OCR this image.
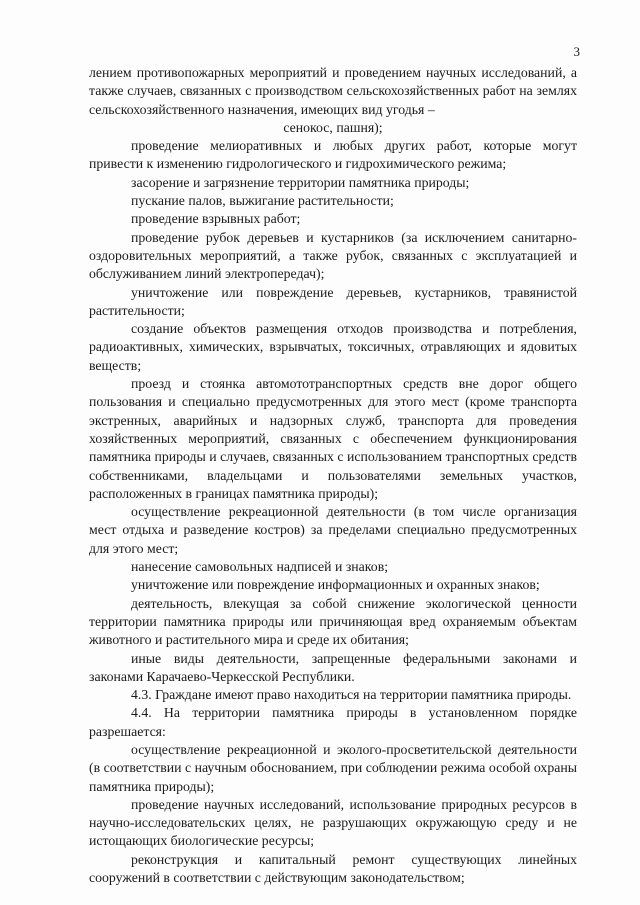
3

лением противопожарных мероприятий и проведением научных исследований, а также случаев, связанных с производством сельскохозяйственных работ на землях сельскохозяйственного назначения, имеющих вид угодья –

сенокос, пашня);

проведение мелиоративных и любых других работ, которые могут привести к изменению гидрологического и гидрохимического режима;

засорение и загрязнение территории памятника природы;

пускание палов, выжигание растительности;

проведение взрывных работ;

проведение рубок деревьев и кустарников (за исключением санитарно-оздоровительных мероприятий, а также рубок, связанных с эксплуатацией и обслуживанием линий электропередач);

уничтожение или повреждение деревьев, кустарников, травянистой растительности;

создание объектов размещения отходов производства и потребления, радиоактивных, химических, взрывчатых, токсичных, отравляющих и ядовитых веществ;

проезд и стоянка автомототранспортных средств вне дорог общего пользования и специально предусмотренных для этого мест (кроме транспорта экстренных, аварийных и надзорных служб, транспорта для проведения хозяйственных мероприятий, связанных с обеспечением функционирования памятника природы и случаев, связанных с использованием транспортных средств собственниками, владельцами и пользователями земельных участков, расположенных в границах памятника природы);

осуществление рекреационной деятельности (в том числе организация мест отдыха и разведение костров) за пределами специально предусмотренных для этого мест;

нанесение самовольных надписей и знаков;

уничтожение или повреждение информационных и охранных знаков;

деятельность, влекущая за собой снижение экологической ценности территории памятника природы или причиняющая вред охраняемым объектам животного и растительного мира и среде их обитания;

иные виды деятельности, запрещенные федеральными законами и законами Карачаево-Черкесской Республики.

4.3. Граждане имеют право находиться на территории памятника природы.

4.4. На территории памятника природы в установленном порядке разрешается:

осуществление рекреационной и эколого-просветительской деятельности (в соответствии с научным обоснованием, при соблюдении режима особой охраны памятника природы);

проведение научных исследований, использование природных ресурсов в научно-исследовательских целях, не разрушающих окружающую среду и не истощающих биологические ресурсы;

реконструкция и капитальный ремонт существующих линейных сооружений в соответствии с действующим законодательством;
